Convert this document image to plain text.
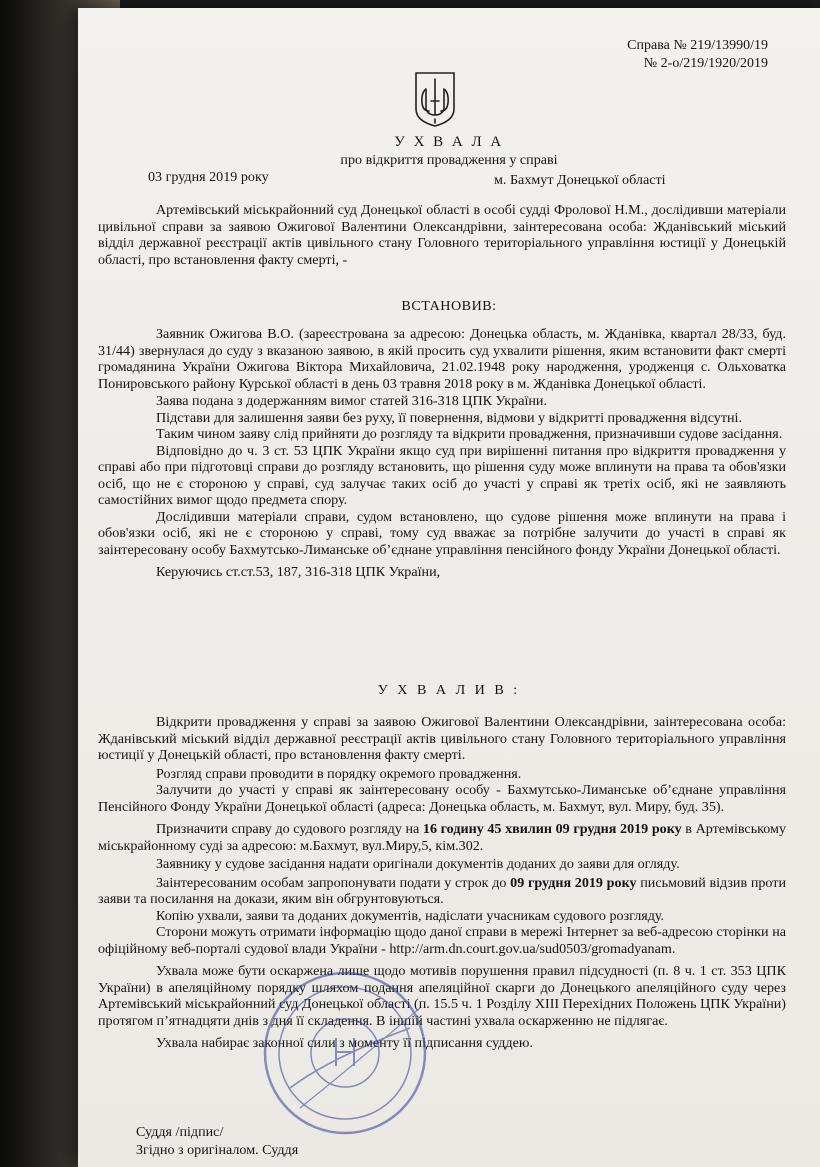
Справа № 219/13990/19
№ 2-о/219/1920/2019
У Х В А Л А
про відкриття провадження у справі
03 грудня 2019 року	м. Бахмут Донецької області

Артемівський міськрайонний суд Донецької області в особі судді Фролової Н.М., дослідивши матеріали цивільної справи за заявою Ожигової Валентини Олександрівни, заінтересована особа: Жданівський міський відділ державної реєстрації актів цивільного стану Головного територіального управління юстиції у Донецькій області, про встановлення факту смерті, -

ВСТАНОВИВ:

Заявник Ожигова В.О. (зареєстрована за адресою: Донецька область, м. Жданівка, квартал 28/33, буд. 31/44) звернулася до суду з вказаною заявою, в якій просить суд ухвалити рішення, яким встановити факт смерті громадянина України Ожигова Віктора Михайловича, 21.02.1948 року народження, уродженця с. Ольховатка Понировського району Курської області в день 03 травня 2018 року в м. Жданівка Донецької області.

Заява подана з додержанням вимог статей 316-318 ЦПК України.

Підстави для залишення заяви без руху, її повернення, відмови у відкритті провадження відсутні.

Таким чином заяву слід прийняти до розгляду та відкрити провадження, призначивши судове засідання.

Відповідно до ч. 3 ст. 53 ЦПК України якщо суд при вирішенні питання про відкриття провадження у справі або при підготовці справи до розгляду встановить, що рішення суду може вплинути на права та обов'язки осіб, що не є стороною у справі, суд залучає таких осіб до участі у справі як третіх осіб, які не заявляють самостійних вимог щодо предмета спору.

Дослідивши матеріали справи, судом встановлено, що судове рішення може вплинути на права і обов'язки осіб, які не є стороною у справі, тому суд вважає за потрібне залучити до участі в справі як заінтересовану особу Бахмутсько-Лиманське об’єднане управління пенсійного фонду України Донецької області.

Керуючись ст.ст.53, 187, 316-318 ЦПК України,

У Х В А Л И В :

Відкрити провадження у справі за заявою Ожигової Валентини Олександрівни, заінтересована особа: Жданівський міський відділ державної реєстрації актів цивільного стану Головного територіального управління юстиції у Донецькій області, про встановлення факту смерті.

Розгляд справи проводити в порядку окремого провадження.

Залучити до участі у справі як заінтересовану особу - Бахмутсько-Лиманське об’єднане управління Пенсійного Фонду України Донецької області (адреса: Донецька область, м. Бахмут, вул. Миру, буд. 35).

Призначити справу до судового розгляду на 16 годину 45 хвилин 09 грудня 2019 року в Артемівському міськрайонному суді за адресою: м.Бахмут, вул.Миру,5, кім.302.

Заявнику у судове засідання надати оригінали документів доданих до заяви для огляду.

Заінтересованим особам запропонувати подати у строк до 09 грудня 2019 року письмовий відзив проти заяви та посилання на докази, яким він обгрунтовуються.

Копію ухвали, заяви та доданих документів, надіслати учасникам судового розгляду.

Сторони можуть отримати інформацію щодо даної справи в мережі Інтернет за веб-адресою сторінки на офіційному веб-порталі судової влади України - http://arm.dn.court.gov.ua/sud0503/gromadyanam.

Ухвала може бути оскаржена лише щодо мотивів порушення правил підсудності (п. 8 ч. 1 ст. 353 ЦПК України) в апеляційному порядку шляхом подання апеляційної скарги до Донецького апеляційного суду через Артемівський міськрайонний суд Донецької області (п. 15.5 ч. 1 Розділу XIII Перехідних Положень ЦПК України) протягом п’ятнадцяти днів з дня її складення. В іншій частині ухвала оскарженню не підлягає.

Ухвала набирає законної сили з моменту її підписання суддею.

Суддя /підпис/
Згідно з оригіналом. Суддя
